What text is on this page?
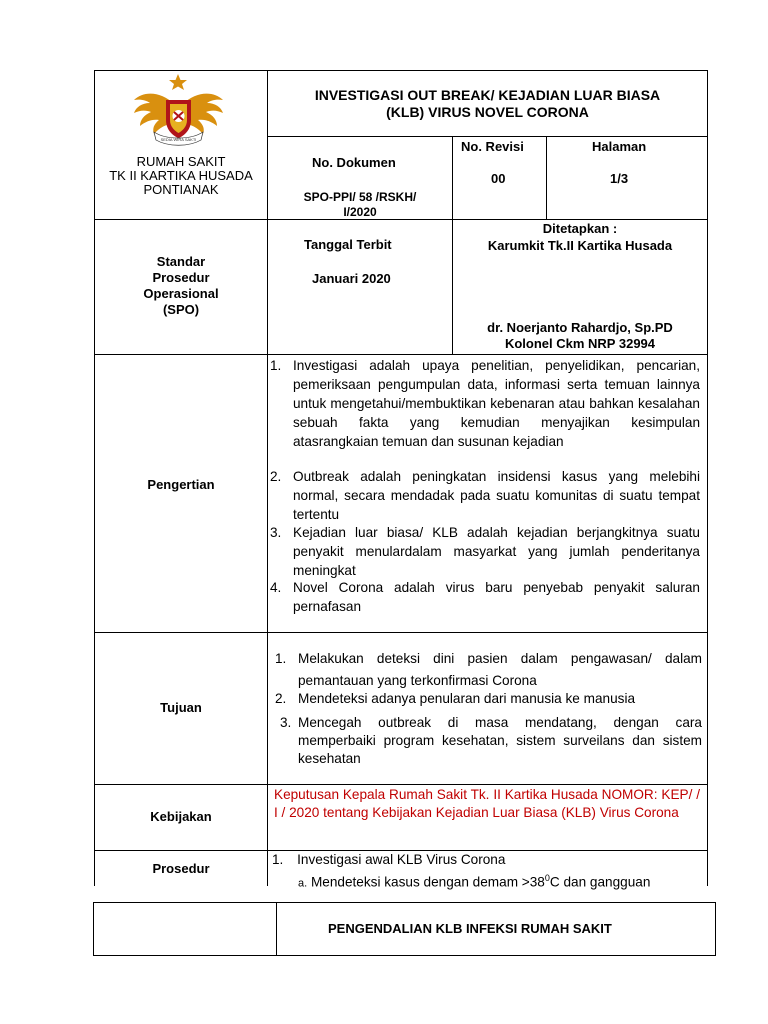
SEDIA WIRA SAKTI
RUMAH SAKIT
TK II KARTIKA HUSADA
PONTIANAK
INVESTIGASI OUT BREAK/ KEJADIAN LUAR BIASA
(KLB) VIRUS NOVEL CORONA
No. Dokumen
SPO-PPI/ 58 /RSKH/
I/2020
No. Revisi
00
Halaman
1/3
Standar
Prosedur
Operasional
(SPO)
Tanggal Terbit
Januari 2020
Ditetapkan :
Karumkit Tk.II Kartika Husada
dr. Noerjanto Rahardjo, Sp.PD
Kolonel Ckm NRP 32994
Pengertian
1. Investigasi adalah upaya penelitian, penyelidikan, pencarian, pemeriksaan pengumpulan data, informasi serta temuan lainnya untuk mengetahui/membuktikan kebenaran atau bahkan kesalahan sebuah fakta yang kemudian menyajikan kesimpulan atasrangkaian temuan dan susunan kejadian
2. Outbreak adalah peningkatan insidensi kasus yang melebihi normal, secara mendadak pada suatu komunitas di suatu tempat tertentu
3. Kejadian luar biasa/ KLB adalah kejadian berjangkitnya suatu penyakit menulardalam masyarkat yang jumlah penderitanya meningkat
4. Novel Corona adalah virus baru penyebab penyakit saluran pernafasan
Tujuan
1. Melakukan deteksi dini pasien dalam pengawasan/ dalam pemantauan yang terkonfirmasi Corona
2. Mendeteksi adanya penularan dari manusia ke manusia
3. Mencegah outbreak di masa mendatang, dengan cara memperbaiki program kesehatan, sistem surveilans dan sistem kesehatan
Kebijakan
Keputusan Kepala Rumah Sakit Tk. II Kartika Husada NOMOR: KEP/ / I / 2020 tentang Kebijakan Kejadian Luar Biasa (KLB) Virus Corona
Prosedur
1. Investigasi awal KLB Virus Corona
a. Mendeteksi kasus dengan demam $>38^0C$ dan gangguan
PENGENDALIAN KLB INFEKSI RUMAH SAKIT
